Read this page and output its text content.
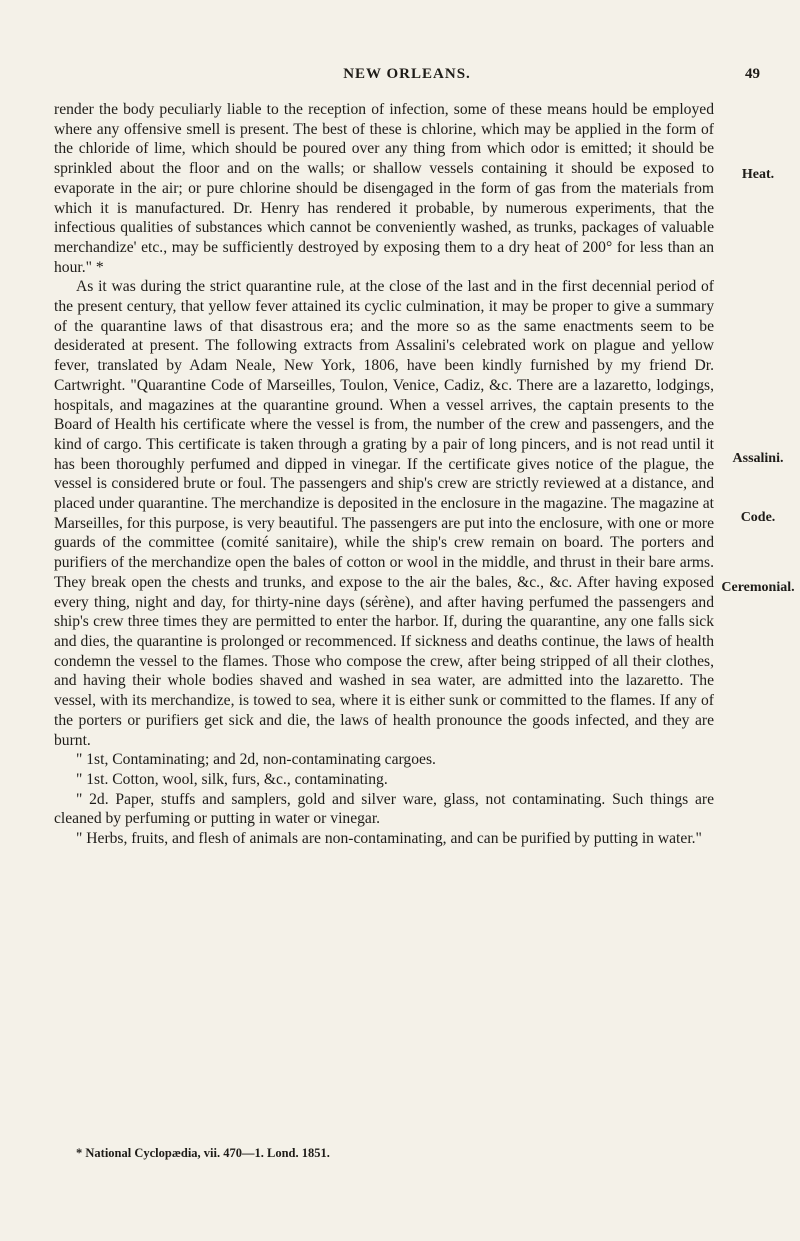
NEW ORLEANS.	49

render the body peculiarly liable to the reception of infection, some of these means hould be employed where any offensive smell is present. The best of these is chlorine, which may be applied in the form of the chloride of lime, which should be poured over any thing from which odor is emitted; it should be sprinkled about the floor and on the walls; or shallow vessels containing it should be exposed to evaporate in the air; or pure chlorine should be disengaged in the form of gas from the materials from which it is manufactured. Dr. Henry has rendered it probable, by numerous experiments, that the infectious qualities of substances which cannot be conveniently washed, as trunks, packages of valuable merchandize' etc., may be sufficiently destroyed by exposing them to a dry heat of 200° for less than an hour." *

As it was during the strict quarantine rule, at the close of the last and in the first decennial period of the present century, that yellow fever attained its cyclic culmination, it may be proper to give a summary of the quarantine laws of that disastrous era; and the more so as the same enactments seem to be desiderated at present. The following extracts from Assalini's celebrated work on plague and yellow fever, translated by Adam Neale, New York, 1806, have been kindly furnished by my friend Dr. Cartwright. "Quarantine Code of Marseilles, Toulon, Venice, Cadiz, &c. There are a lazaretto, lodgings, hospitals, and magazines at the quarantine ground. When a vessel arrives, the captain presents to the Board of Health his certificate where the vessel is from, the number of the crew and passengers, and the kind of cargo. This certificate is taken through a grating by a pair of long pincers, and is not read until it has been thoroughly perfumed and dipped in vinegar. If the certificate gives notice of the plague, the vessel is considered brute or foul. The passengers and ship's crew are strictly reviewed at a distance, and placed under quarantine. The merchandize is deposited in the enclosure in the magazine. The magazine at Marseilles, for this purpose, is very beautiful. The passengers are put into the enclosure, with one or more guards of the committee (comité sanitaire), while the ship's crew remain on board. The porters and purifiers of the merchandize open the bales of cotton or wool in the middle, and thrust in their bare arms. They break open the chests and trunks, and expose to the air the bales, &c., &c. After having exposed every thing, night and day, for thirty-nine days (sérène), and after having perfumed the passengers and ship's crew three times they are permitted to enter the harbor. If, during the quarantine, any one falls sick and dies, the quarantine is prolonged or recommenced. If sickness and deaths continue, the laws of health condemn the vessel to the flames. Those who compose the crew, after being stripped of all their clothes, and having their whole bodies shaved and washed in sea water, are admitted into the lazaretto. The vessel, with its merchandize, is towed to sea, where it is either sunk or committed to the flames. If any of the porters or purifiers get sick and die, the laws of health pronounce the goods infected, and they are burnt.

" 1st, Contaminating; and 2d, non-contaminating cargoes.

" 1st. Cotton, wool, silk, furs, &c., contaminating.

" 2d. Paper, stuffs and samplers, gold and silver ware, glass, not contaminating. Such things are cleaned by perfuming or putting in water or vinegar.

" Herbs, fruits, and flesh of animals are non-contaminating, and can be purified by putting in water."

Heat.
Assalini.
Code.
Ceremonial.
* National Cyclopædia, vii. 470—1. Lond. 1851.
